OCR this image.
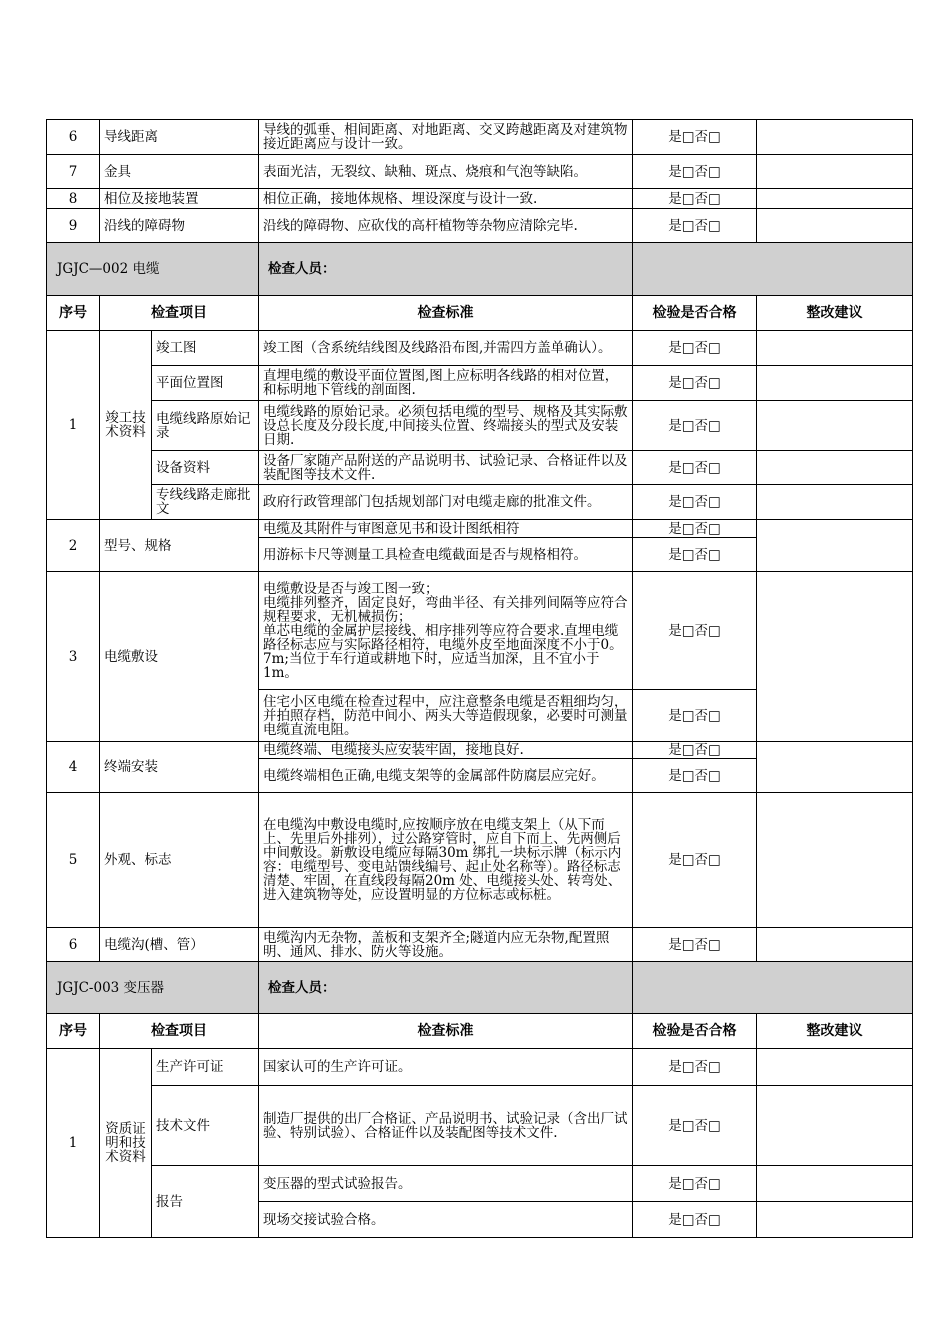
6	导线距离		导线的弧垂、相间距离、对地距离、交叉跨越距离及对建筑物接近距离应与设计一致。	是□否□	
7	金具		表面光洁，无裂纹、缺釉、斑点、烧痕和气泡等缺陷。	是□否□	
8	相位及接地装置		相位正确，接地体规格、埋设深度与设计一致.	是□否□	
9	沿线的障碍物		沿线的障碍物、应砍伐的高杆植物等杂物应清除完毕.	是□否□	
JGJC—002 电缆			检查人员：		
序号	检查项目		检查标准	检验是否合格	整改建议
1	竣工技术资料	竣工图	竣工图（含系统结线图及线路沿布图,并需四方盖单确认）。	是□否□	
		平面位置图	直埋电缆的敷设平面位置图,图上应标明各线路的相对位置，和标明地下管线的剖面图.	是□否□	
		电缆线路原始记录	电缆线路的原始记录。必须包括电缆的型号、规格及其实际敷设总长度及分段长度,中间接头位置、终端接头的型式及安装日期.	是□否□	
		设备资料	设备厂家随产品附送的产品说明书、试验记录、合格证件以及装配图等技术文件.	是□否□	
		专线线路走廊批文	政府行政管理部门包括规划部门对电缆走廊的批准文件。	是□否□	
2	型号、规格		电缆及其附件与审图意见书和设计图纸相符	是□否□	
			用游标卡尺等测量工具检查电缆截面是否与规格相符。	是□否□	
3	电缆敷设		电缆敷设是否与竣工图一致；
电缆排列整齐，固定良好，弯曲半径、有关排列间隔等应符合规程要求，无机械损伤；
单芯电缆的金属护层接线、相序排列等应符合要求.直埋电缆路径标志应与实际路径相符，电缆外皮至地面深度不小于0。7m;当位于车行道或耕地下时，应适当加深，且不宜小于1m。	是□否□	
			住宅小区电缆在检查过程中，应注意整条电缆是否粗细均匀，并拍照存档，防范中间小、两头大等造假现象，必要时可测量电缆直流电阻。	是□否□	
4	终端安装		电缆终端、电缆接头应安装牢固，接地良好.	是□否□	
			电缆终端相色正确,电缆支架等的金属部件防腐层应完好。	是□否□	
5	外观、标志		在电缆沟中敷设电缆时,应按顺序放在电缆支架上（从下而上、先里后外排列），过公路穿管时，应自下而上、先两侧后中间敷设。新敷设电缆应每隔30m 绑扎一块标示牌（标示内容：电缆型号、变电站馈线编号、起止处名称等）。路径标志清楚、牢固，在直线段每隔20m 处、电缆接头处、转弯处、进入建筑物等处，应设置明显的方位标志或标桩。	是□否□	
6	电缆沟(槽、管）		电缆沟内无杂物，盖板和支架齐全;隧道内应无杂物,配置照明、通风、排水、防火等设施。	是□否□	
JGJC-003 变压器			检查人员：		
序号	检查项目		检查标准	检验是否合格	整改建议
1	资质证明和技术资料	生产许可证	国家认可的生产许可证。	是□否□	
		技术文件	制造厂提供的出厂合格证、产品说明书、试验记录（含出厂试验、特别试验）、合格证件以及装配图等技术文件.	是□否□	
		报告	变压器的型式试验报告。	是□否□	
			现场交接试验合格。	是□否□	
